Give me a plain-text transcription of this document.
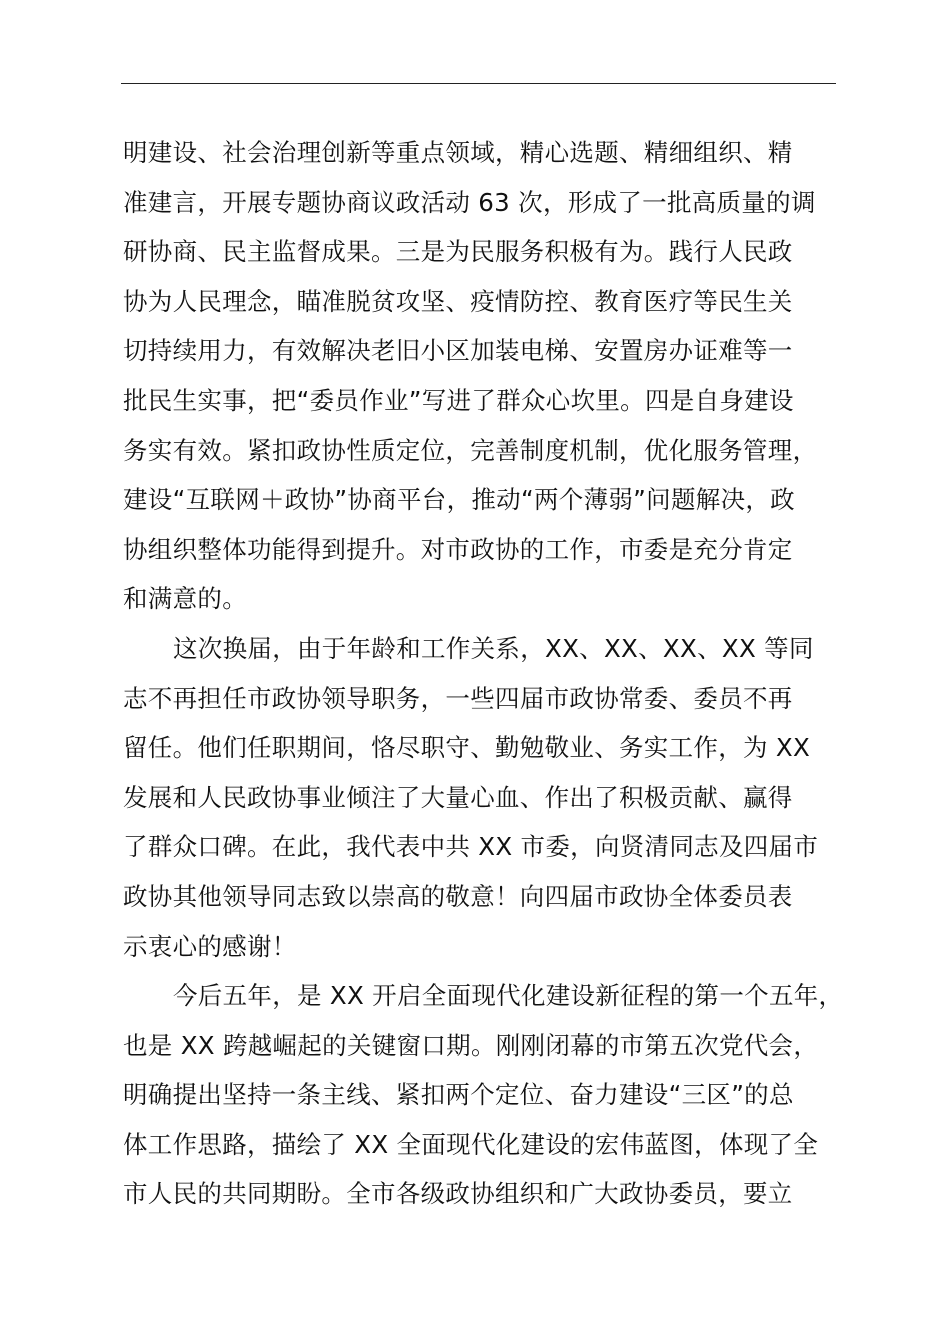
明建设、社会治理创新等重点领域，精心选题、精细组织、精
准建言，开展专题协商议政活动 63 次，形成了一批高质量的调
研协商、民主监督成果。三是为民服务积极有为。践行人民政
协为人民理念，瞄准脱贫攻坚、疫情防控、教育医疗等民生关
切持续用力，有效解决老旧小区加装电梯、安置房办证难等一
批民生实事，把“委员作业”写进了群众心坎里。四是自身建设
务实有效。紧扣政协性质定位，完善制度机制，优化服务管理，
建设“互联网＋政协”协商平台，推动“两个薄弱”问题解决，政
协组织整体功能得到提升。对市政协的工作，市委是充分肯定
和满意的。
这次换届，由于年龄和工作关系，XX、XX、XX、XX 等同
志不再担任市政协领导职务，一些四届市政协常委、委员不再
留任。他们任职期间，恪尽职守、勤勉敬业、务实工作，为 XX
发展和人民政协事业倾注了大量心血、作出了积极贡献、赢得
了群众口碑。在此，我代表中共 XX 市委，向贤清同志及四届市
政协其他领导同志致以崇高的敬意！向四届市政协全体委员表
示衷心的感谢！
今后五年，是 XX 开启全面现代化建设新征程的第一个五年，
也是 XX 跨越崛起的关键窗口期。刚刚闭幕的市第五次党代会，
明确提出坚持一条主线、紧扣两个定位、奋力建设“三区”的总
体工作思路，描绘了 XX 全面现代化建设的宏伟蓝图，体现了全
市人民的共同期盼。全市各级政协组织和广大政协委员，要立
